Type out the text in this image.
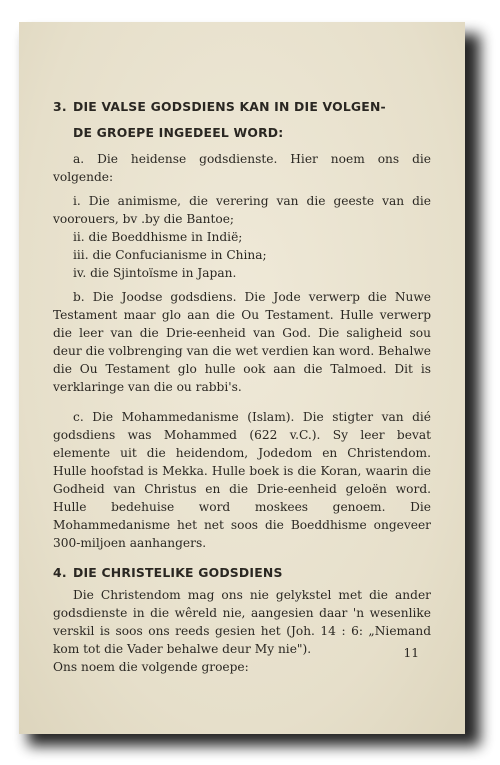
3. DIE VALSE GODSDIENS KAN IN DIE VOLGEN-
DE GROEPE INGEDEEL WORD:

a. Die heidense godsdienste. Hier noem ons die volgende:

i. Die animisme, die verering van die geeste van die voorouers, bv .by die Bantoe;

ii. die Boeddhisme in Indië;
iii. die Confucianisme in China;
iv. die Sjintoïsme in Japan.

b. Die Joodse godsdiens. Die Jode verwerp die Nuwe Testament maar glo aan die Ou Testament. Hulle verwerp die leer van die Drie-eenheid van God. Die saligheid sou deur die volbrenging van die wet verdien kan word. Behalwe die Ou Testament glo hulle ook aan die Talmoed. Dit is verklaringe van die ou rabbi's.

c. Die Mohammedanisme (Islam). Die stigter van dié godsdiens was Mohammed (622 v.C.). Sy leer bevat elemente uit die heidendom, Jodedom en Christendom. Hulle hoofstad is Mekka. Hulle boek is die Koran, waarin die Godheid van Christus en die Drie-eenheid geloën word. Hulle bedehuise word moskees genoem. Die Mohammedanisme het net soos die Boeddhisme ongeveer 300-miljoen aanhangers.

4. DIE CHRISTELIKE GODSDIENS

Die Christendom mag ons nie gelykstel met die ander godsdienste in die wêreld nie, aangesien daar 'n wesenlike verskil is soos ons reeds gesien het (Joh. 14 : 6: „Niemand kom tot die Vader behalwe deur My nie").

Ons noem die volgende groepe:

11
